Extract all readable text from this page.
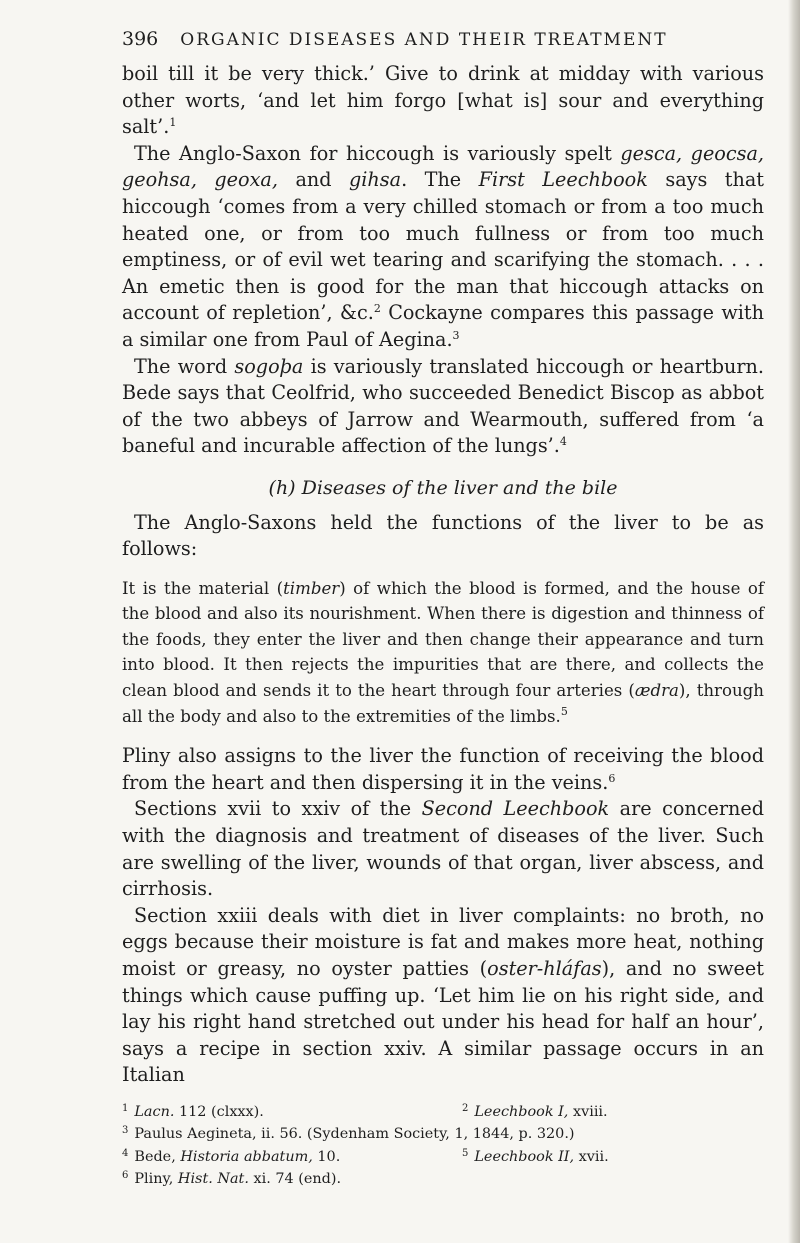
396 ORGANIC DISEASES AND THEIR TREATMENT

boil till it be very thick.’ Give to drink at midday with various other worts, ‘and let him forgo [what is] sour and everything salt’.$^1$

The Anglo-Saxon for hiccough is variously spelt gesca, geocsa, geohsa, geoxa, and gihsa. The First Leechbook says that hiccough ‘comes from a very chilled stomach or from a too much heated one, or from too much fullness or from too much emptiness, or of evil wet tearing and scarifying the stomach. . . . An emetic then is good for the man that hiccough attacks on account of repletion’, &c.$^2$ Cockayne compares this passage with a similar one from Paul of Aegina.$^3$

The word sogoþa is variously translated hiccough or heartburn. Bede says that Ceolfrid, who succeeded Benedict Biscop as abbot of the two abbeys of Jarrow and Wearmouth, suffered from ‘a baneful and incurable affection of the lungs’.$^4$

(h) Diseases of the liver and the bile

The Anglo-Saxons held the functions of the liver to be as follows:

It is the material (timber) of which the blood is formed, and the house of the blood and also its nourishment. When there is digestion and thinness of the foods, they enter the liver and then change their appearance and turn into blood. It then rejects the impurities that are there, and collects the clean blood and sends it to the heart through four arteries (ædra), through all the body and also to the extremities of the limbs.$^5$

Pliny also assigns to the liver the function of receiving the blood from the heart and then dispersing it in the veins.$^6$

Sections xvii to xxiv of the Second Leechbook are concerned with the diagnosis and treatment of diseases of the liver. Such are swelling of the liver, wounds of that organ, liver abscess, and cirrhosis.

Section xxiii deals with diet in liver complaints: no broth, no eggs because their moisture is fat and makes more heat, nothing moist or greasy, no oyster patties (oster-hláfas), and no sweet things which cause puffing up. ‘Let him lie on his right side, and lay his right hand stretched out under his head for half an hour’, says a recipe in section xxiv. A similar passage occurs in an Italian

$^1$ Lacn. 112 (clxxx).	$^2$ Leechbook I, xviii.
$^3$ Paulus Aegineta, ii. 56. (Sydenham Society, 1, 1844, p. 320.)
$^4$ Bede, Historia abbatum, 10.	$^5$ Leechbook II, xvii.
$^6$ Pliny, Hist. Nat. xi. 74 (end).
